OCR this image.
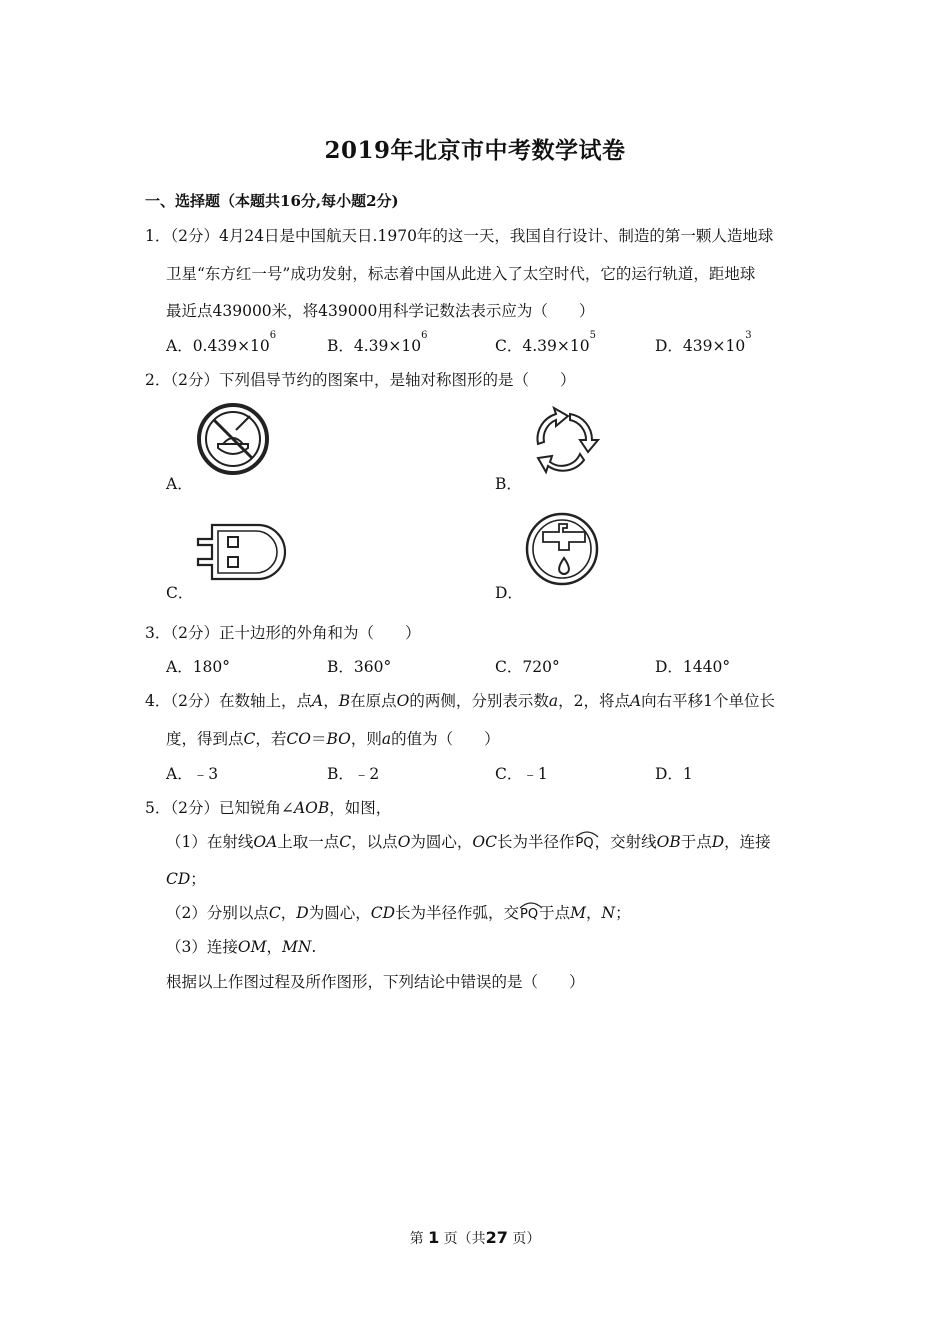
2019年北京市中考数学试卷
一、选择题（本题共16分,每小题2分)
1．（2分）4月24日是中国航天日.1970年的这一天，我国自行设计、制造的第一颗人造地球
卫星“东方红一号”成功发射，标志着中国从此进入了太空时代，它的运行轨道，距地球
最近点439000米，将439000用科学记数法表示应为（　　）
A．$0.439\times 10^6$
B．$4.39\times 10^6$
C．$4.39\times 10^5$
D．$439\times 10^3$
2．（2分）下列倡导节约的图案中，是轴对称图形的是（　　）
A．	B．
C．	D．
3．（2分）正十边形的外角和为（　　）
A．180°	B．360°	C．720°	D．1440°
4．（2分）在数轴上，点A，B在原点O的两侧，分别表示数a，2，将点A向右平移1个单位长
度，得到点C，若CO＝BO，则a的值为（　　）
A．﹣3	B．﹣2	C．﹣1	D．1
5．（2分）已知锐角∠AOB，如图，
（1）在射线OA上取一点C，以点O为圆心，OC长为半径作
PQ，交射线OB于点D，连接
CD；
（2）分别以点C，D为圆心，CD长为半径作弧，交
PQ于点M，N；
（3）连接OM，MN.
根据以上作图过程及所作图形，下列结论中错误的是（　　）
第 1 页（共27 页）
